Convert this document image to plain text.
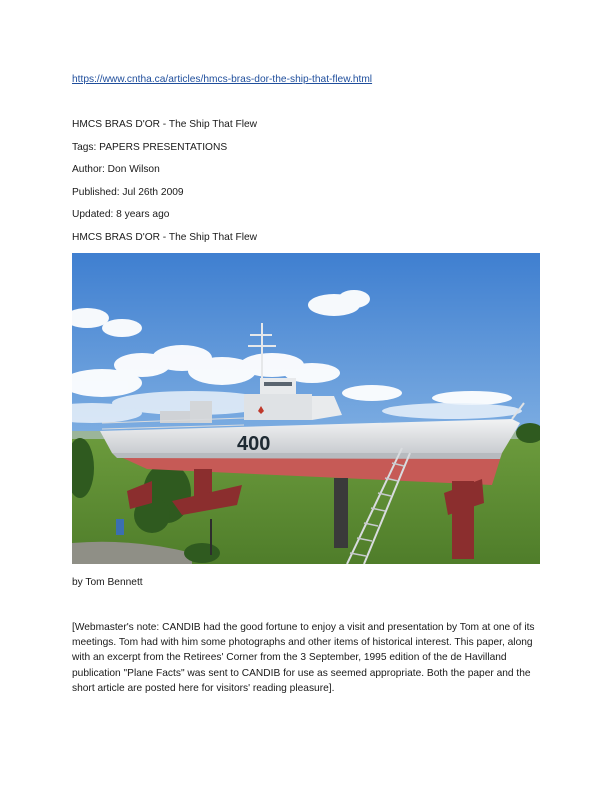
https://www.cntha.ca/articles/hmcs-bras-dor-the-ship-that-flew.html
HMCS BRAS D'OR - The Ship That Flew
Tags: PAPERS PRESENTATIONS
Author: Don Wilson
Published: Jul 26th 2009
Updated: 8 years ago
HMCS BRAS D'OR - The Ship That Flew
400
by Tom Bennett
[Webmaster's note: CANDIB had the good fortune to enjoy a visit and presentation by Tom at one of its
meetings. Tom had with him some photographs and other items of historical interest. This paper, along
with an excerpt from the Retirees' Corner from the 3 September, 1995 edition of the de Havilland
publication "Plane Facts" was sent to CANDIB for use as seemed appropriate. Both the paper and the
short article are posted here for visitors' reading pleasure].
